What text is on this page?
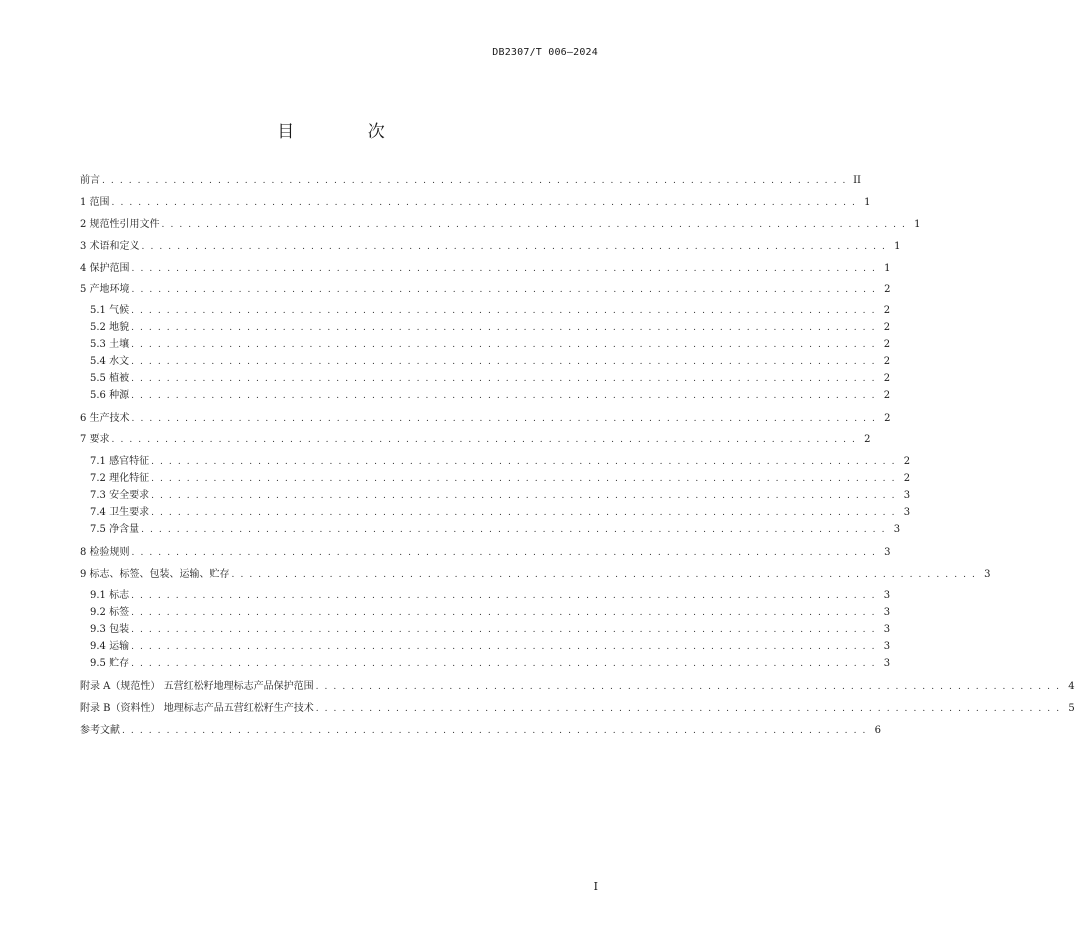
DB2307/T 006—2024
目 次
前言 . . . . . . . . . . . . . . . . . . . . . . . . . . . . . . . . . . . . . . . . . . . . . . . . . . . . . . . . . . . . . . . . . . . . . . . . . . . . . . . . . . . . II
1 范围 . . . . . . . . . . . . . . . . . . . . . . . . . . . . . . . . . . . . . . . . . . . . . . . . . . . . . . . . . . . . . . . . . . . . . . . . . . . . . . . . . . . . 1
2 规范性引用文件 . . . . . . . . . . . . . . . . . . . . . . . . . . . . . . . . . . . . . . . . . . . . . . . . . . . . . . . . . . . . . . . . . . . . . . . . . . . . . . . . . . . . 1
3 术语和定义 . . . . . . . . . . . . . . . . . . . . . . . . . . . . . . . . . . . . . . . . . . . . . . . . . . . . . . . . . . . . . . . . . . . . . . . . . . . . . . . . . . . . 1
4 保护范围 . . . . . . . . . . . . . . . . . . . . . . . . . . . . . . . . . . . . . . . . . . . . . . . . . . . . . . . . . . . . . . . . . . . . . . . . . . . . . . . . . . . . 1
5 产地环境 . . . . . . . . . . . . . . . . . . . . . . . . . . . . . . . . . . . . . . . . . . . . . . . . . . . . . . . . . . . . . . . . . . . . . . . . . . . . . . . . . . . . 2
5.1 气候 . . . . . . . . . . . . . . . . . . . . . . . . . . . . . . . . . . . . . . . . . . . . . . . . . . . . . . . . . . . . . . . . . . . . . . . . . . . . . . . . . . . . 2
5.2 地貌 . . . . . . . . . . . . . . . . . . . . . . . . . . . . . . . . . . . . . . . . . . . . . . . . . . . . . . . . . . . . . . . . . . . . . . . . . . . . . . . . . . . . 2
5.3 土壤 . . . . . . . . . . . . . . . . . . . . . . . . . . . . . . . . . . . . . . . . . . . . . . . . . . . . . . . . . . . . . . . . . . . . . . . . . . . . . . . . . . . . 2
5.4 水文 . . . . . . . . . . . . . . . . . . . . . . . . . . . . . . . . . . . . . . . . . . . . . . . . . . . . . . . . . . . . . . . . . . . . . . . . . . . . . . . . . . . . 2
5.5 植被 . . . . . . . . . . . . . . . . . . . . . . . . . . . . . . . . . . . . . . . . . . . . . . . . . . . . . . . . . . . . . . . . . . . . . . . . . . . . . . . . . . . . 2
5.6 种源 . . . . . . . . . . . . . . . . . . . . . . . . . . . . . . . . . . . . . . . . . . . . . . . . . . . . . . . . . . . . . . . . . . . . . . . . . . . . . . . . . . . . 2
6 生产技术 . . . . . . . . . . . . . . . . . . . . . . . . . . . . . . . . . . . . . . . . . . . . . . . . . . . . . . . . . . . . . . . . . . . . . . . . . . . . . . . . . . . . 2
7 要求 . . . . . . . . . . . . . . . . . . . . . . . . . . . . . . . . . . . . . . . . . . . . . . . . . . . . . . . . . . . . . . . . . . . . . . . . . . . . . . . . . . . . 2
7.1 感官特征 . . . . . . . . . . . . . . . . . . . . . . . . . . . . . . . . . . . . . . . . . . . . . . . . . . . . . . . . . . . . . . . . . . . . . . . . . . . . . . . . . . . . 2
7.2 理化特征 . . . . . . . . . . . . . . . . . . . . . . . . . . . . . . . . . . . . . . . . . . . . . . . . . . . . . . . . . . . . . . . . . . . . . . . . . . . . . . . . . . . . 2
7.3 安全要求 . . . . . . . . . . . . . . . . . . . . . . . . . . . . . . . . . . . . . . . . . . . . . . . . . . . . . . . . . . . . . . . . . . . . . . . . . . . . . . . . . . . . 3
7.4 卫生要求 . . . . . . . . . . . . . . . . . . . . . . . . . . . . . . . . . . . . . . . . . . . . . . . . . . . . . . . . . . . . . . . . . . . . . . . . . . . . . . . . . . . . 3
7.5 净含量 . . . . . . . . . . . . . . . . . . . . . . . . . . . . . . . . . . . . . . . . . . . . . . . . . . . . . . . . . . . . . . . . . . . . . . . . . . . . . . . . . . . . 3
8 检验规则 . . . . . . . . . . . . . . . . . . . . . . . . . . . . . . . . . . . . . . . . . . . . . . . . . . . . . . . . . . . . . . . . . . . . . . . . . . . . . . . . . . . . 3
9 标志、标签、包装、运输、贮存 . . . . . . . . . . . . . . . . . . . . . . . . . . . . . . . . . . . . . . . . . . . . . . . . . . . . . . . . . . . . . . . . . . . . . . . . . . . . . . . . . . . . 3
9.1 标志 . . . . . . . . . . . . . . . . . . . . . . . . . . . . . . . . . . . . . . . . . . . . . . . . . . . . . . . . . . . . . . . . . . . . . . . . . . . . . . . . . . . . 3
9.2 标签 . . . . . . . . . . . . . . . . . . . . . . . . . . . . . . . . . . . . . . . . . . . . . . . . . . . . . . . . . . . . . . . . . . . . . . . . . . . . . . . . . . . . 3
9.3 包装 . . . . . . . . . . . . . . . . . . . . . . . . . . . . . . . . . . . . . . . . . . . . . . . . . . . . . . . . . . . . . . . . . . . . . . . . . . . . . . . . . . . . 3
9.4 运输 . . . . . . . . . . . . . . . . . . . . . . . . . . . . . . . . . . . . . . . . . . . . . . . . . . . . . . . . . . . . . . . . . . . . . . . . . . . . . . . . . . . . 3
9.5 贮存 . . . . . . . . . . . . . . . . . . . . . . . . . . . . . . . . . . . . . . . . . . . . . . . . . . . . . . . . . . . . . . . . . . . . . . . . . . . . . . . . . . . . 3
附录 A（规范性） 五营红松籽地理标志产品保护范围 . . . . . . . . . . . . . . . . . . . . . . . . . . . . . . . . . . . . . . . . . . . . . . . . . . . . . . . . . . . . . . . . . . . . . . . . . . . . . . . . . . . . 4
附录 B（资料性） 地理标志产品五营红松籽生产技术 . . . . . . . . . . . . . . . . . . . . . . . . . . . . . . . . . . . . . . . . . . . . . . . . . . . . . . . . . . . . . . . . . . . . . . . . . . . . . . . . . . . . 5
参考文献 . . . . . . . . . . . . . . . . . . . . . . . . . . . . . . . . . . . . . . . . . . . . . . . . . . . . . . . . . . . . . . . . . . . . . . . . . . . . . . . . . . . . 6
I
